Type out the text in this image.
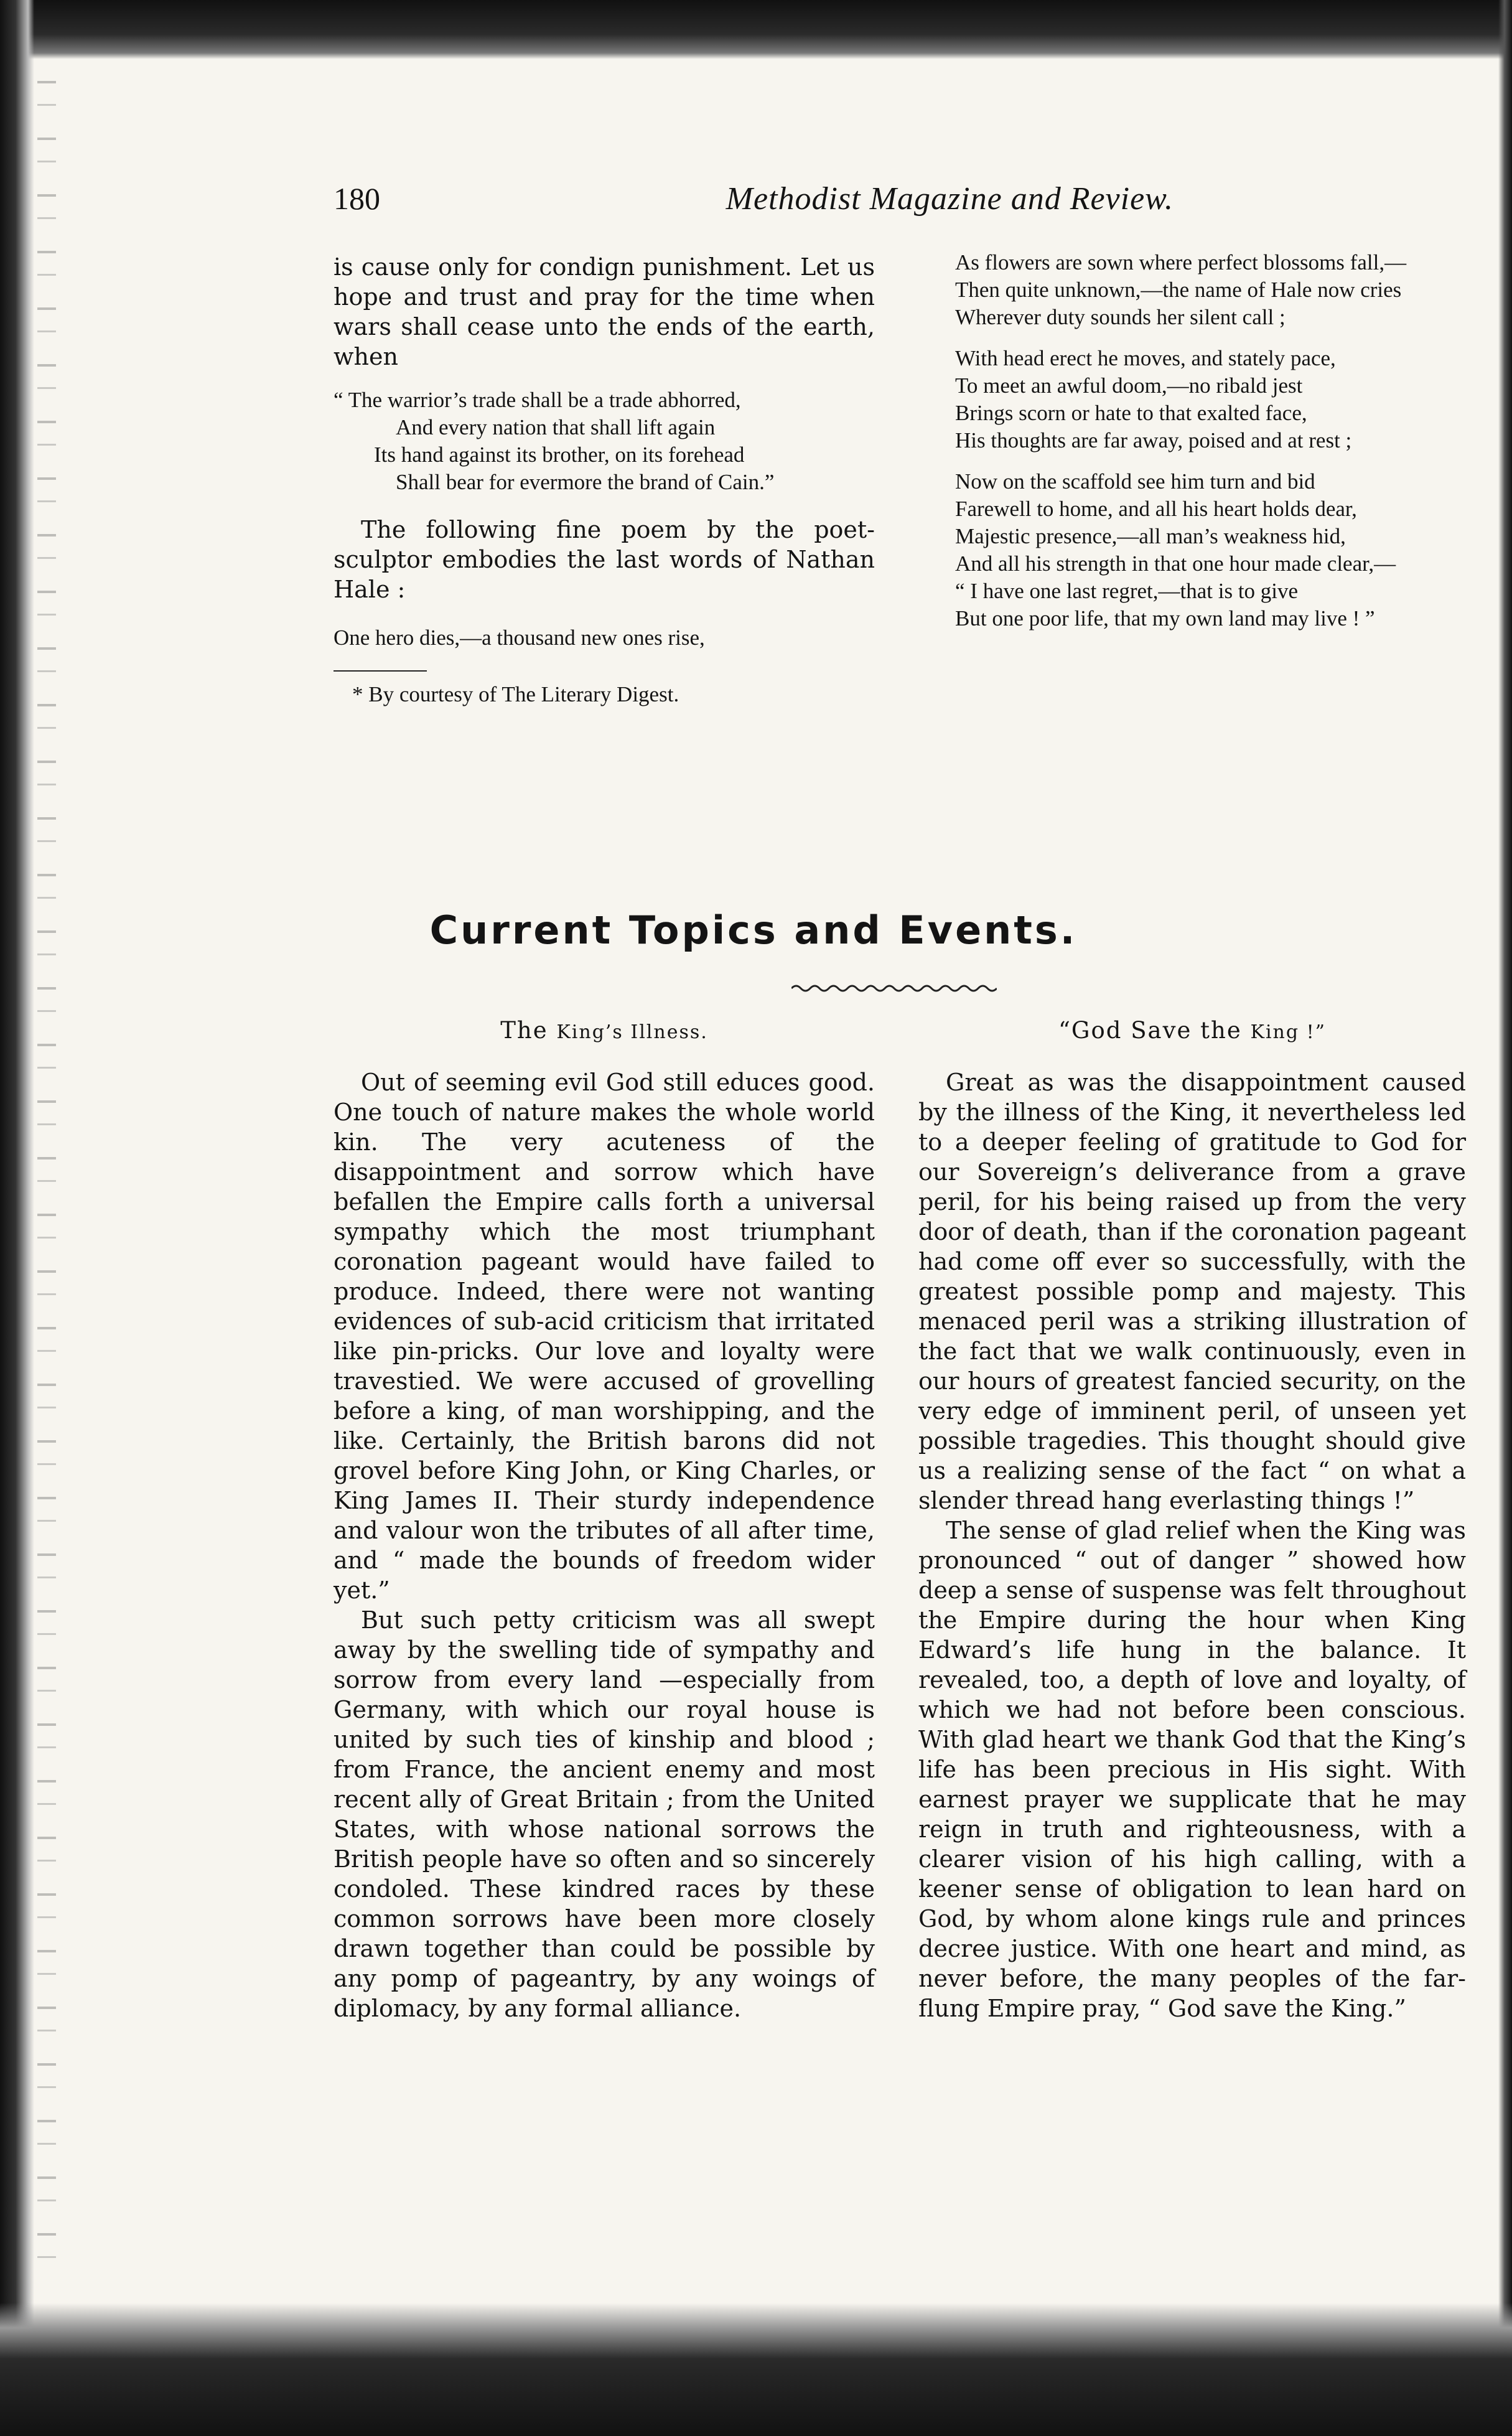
180	Methodist Magazine and Review.

is cause only for condign punishment. Let us hope and trust and pray for the time when wars shall cease unto the ends of the earth, when

“ The warrior’s trade shall be a trade abhorred,
And every nation that shall lift again
Its hand against its brother, on its forehead
Shall bear for evermore the brand of Cain.”

The following fine poem by the poet-sculptor embodies the last words of Nathan Hale :

One hero dies,—a thousand new ones rise,

* By courtesy of The Literary Digest.
As flowers are sown where perfect blossoms fall,—
Then quite unknown,—the name of Hale now cries
Wherever duty sounds her silent call ;
With head erect he moves, and stately pace,
To meet an awful doom,—no ribald jest
Brings scorn or hate to that exalted face,
His thoughts are far away, poised and at rest ;
Now on the scaffold see him turn and bid
Farewell to home, and all his heart holds dear,
Majestic presence,—all man’s weakness hid,
And all his strength in that one hour made clear,—
“ I have one last regret,—that is to give
But one poor life, that my own land may live ! ”
Current Topics and Events.
The King’s Illness.

Out of seeming evil God still educes good. One touch of nature makes the whole world kin. The very acuteness of the disappointment and sorrow which have befallen the Empire calls forth a universal sympathy which the most triumphant coronation pageant would have failed to produce. Indeed, there were not wanting evidences of sub-acid criticism that irritated like pin-pricks. Our love and loyalty were travestied. We were accused of grovelling before a king, of man worshipping, and the like. Certainly, the British barons did not grovel before King John, or King Charles, or King James II. Their sturdy independence and valour won the tributes of all after time, and “ made the bounds of freedom wider yet.”

But such petty criticism was all swept away by the swelling tide of sympathy and sorrow from every land —especially from Germany, with which our royal house is united by such ties of kinship and blood ; from France, the ancient enemy and most recent ally of Great Britain ; from the United States, with whose national sorrows the British people have so often and so sincerely condoled. These kindred races by these common sorrows have been more closely drawn together than could be possible by any pomp of pageantry, by any woings of diplomacy, by any formal alliance.

“God Save the King !”

Great as was the disappointment caused by the illness of the King, it nevertheless led to a deeper feeling of gratitude to God for our Sovereign’s deliverance from a grave peril, for his being raised up from the very door of death, than if the coronation pageant had come off ever so successfully, with the greatest possible pomp and majesty. This menaced peril was a striking illustration of the fact that we walk continuously, even in our hours of greatest fancied security, on the very edge of imminent peril, of unseen yet possible tragedies. This thought should give us a realizing sense of the fact “ on what a slender thread hang everlasting things !”

The sense of glad relief when the King was pronounced “ out of danger ” showed how deep a sense of suspense was felt throughout the Empire during the hour when King Edward’s life hung in the balance. It revealed, too, a depth of love and loyalty, of which we had not before been conscious. With glad heart we thank God that the King’s life has been precious in His sight. With earnest prayer we supplicate that he may reign in truth and righteousness, with a clearer vision of his high calling, with a keener sense of obligation to lean hard on God, by whom alone kings rule and princes decree justice. With one heart and mind, as never before, the many peoples of the far-flung Empire pray, “ God save the King.”
